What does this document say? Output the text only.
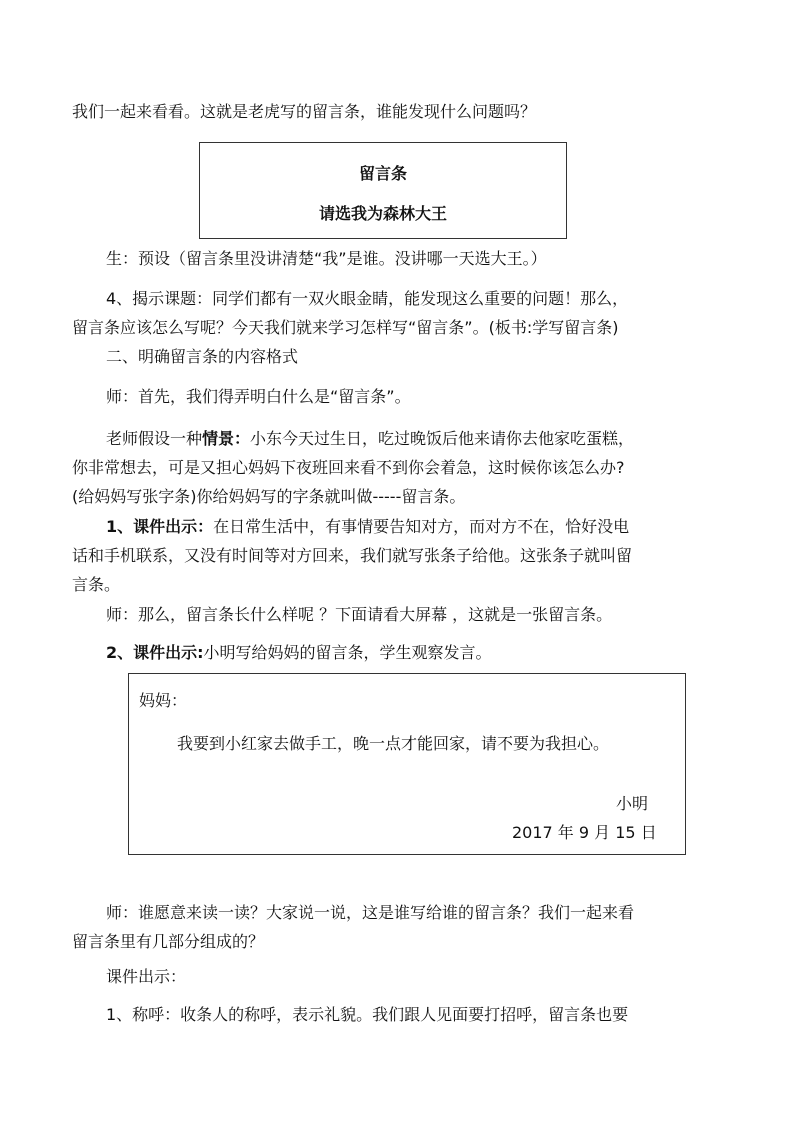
我们一起来看看。这就是老虎写的留言条，谁能发现什么问题吗？

留言条
请选我为森林大王

生：预设（留言条里没讲清楚“我”是谁。没讲哪一天选大王。）

4、揭示课题：同学们都有一双火眼金睛，能发现这么重要的问题！那么，

留言条应该怎么写呢？今天我们就来学习怎样写“留言条”。(板书:学写留言条)

二、明确留言条的内容格式

师：首先，我们得弄明白什么是“留言条”。

老师假设一种情景：小东今天过生日，吃过晚饭后他来请你去他家吃蛋糕，

你非常想去，可是又担心妈妈下夜班回来看不到你会着急，这时候你该怎么办?

(给妈妈写张字条)你给妈妈写的字条就叫做-----留言条。

1、课件出示：在日常生活中，有事情要告知对方，而对方不在，恰好没电

话和手机联系，又没有时间等对方回来，我们就写张条子给他。这张条子就叫留

言条。

师：那么，留言条长什么样呢 ？下面请看大屏幕 ，这就是一张留言条。

2、课件出示:小明写给妈妈的留言条，学生观察发言。

妈妈：
我要到小红家去做手工，晚一点才能回家，请不要为我担心。
小明
2017 年 9 月 15 日

师：谁愿意来读一读？大家说一说，这是谁写给谁的留言条？我们一起来看

留言条里有几部分组成的？

课件出示：

1、称呼：收条人的称呼，表示礼貌。我们跟人见面要打招呼，留言条也要
